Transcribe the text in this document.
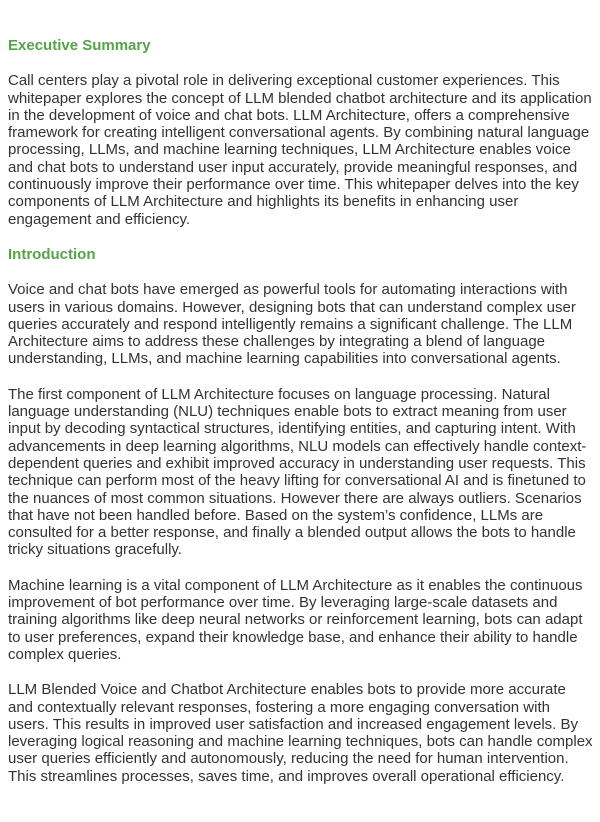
Executive Summary

Call centers play a pivotal role in delivering exceptional customer experiences. This whitepaper explores the concept of LLM blended chatbot architecture and its application in the development of voice and chat bots. LLM Architecture, offers a comprehensive framework for creating intelligent conversational agents. By combining natural language processing, LLMs, and machine learning techniques, LLM Architecture enables voice and chat bots to understand user input accurately, provide meaningful responses, and continuously improve their performance over time. This whitepaper delves into the key components of LLM Architecture and highlights its benefits in enhancing user engagement and efficiency.

Introduction

Voice and chat bots have emerged as powerful tools for automating interactions with users in various domains. However, designing bots that can understand complex user queries accurately and respond intelligently remains a significant challenge. The LLM Architecture aims to address these challenges by integrating a blend of language understanding, LLMs, and machine learning capabilities into conversational agents.

The first component of LLM Architecture focuses on language processing. Natural language understanding (NLU) techniques enable bots to extract meaning from user input by decoding syntactical structures, identifying entities, and capturing intent. With advancements in deep learning algorithms, NLU models can effectively handle context-dependent queries and exhibit improved accuracy in understanding user requests. This technique can perform most of the heavy lifting for conversational AI and is finetuned to the nuances of most common situations. However there are always outliers. Scenarios that have not been handled before. Based on the system’s confidence, LLMs are consulted for a better response, and finally a blended output allows the bots to handle tricky situations gracefully.

Machine learning is a vital component of LLM Architecture as it enables the continuous improvement of bot performance over time. By leveraging large-scale datasets and training algorithms like deep neural networks or reinforcement learning, bots can adapt to user preferences, expand their knowledge base, and enhance their ability to handle complex queries.

LLM Blended Voice and Chatbot Architecture enables bots to provide more accurate and contextually relevant responses, fostering a more engaging conversation with users. This results in improved user satisfaction and increased engagement levels. By leveraging logical reasoning and machine learning techniques, bots can handle complex user queries efficiently and autonomously, reducing the need for human intervention. This streamlines processes, saves time, and improves overall operational efficiency.
